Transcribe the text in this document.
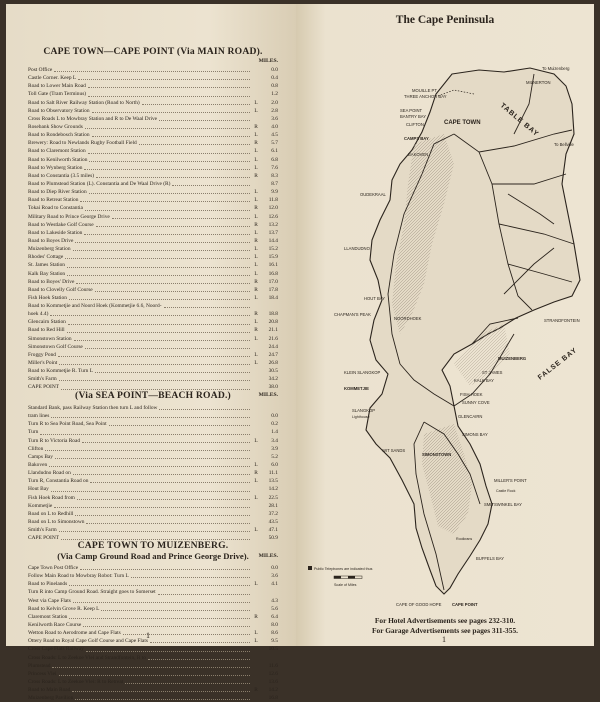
CAPE TOWN—CAPE POINT (Via MAIN ROAD).
MILES.
Post Office	0.0
Castle Corner. Keep L	0.4
Road to Lower Main Road	0.8
Toll Gate (Tram Terminus)	1.2
Road to Salt River Railway Station (Road to North)	L	2.0
Road to Observatory Station	L	2.8
Cross Roads L to Mowbray Station and R to De Waal Drive	3.6
Rosebank Show Grounds	R	4.0
Road to Rondebosch Station	L	4.5
Brewery: Road to Newlands Rugby Football Field	R	5.7
Road to Claremont Station	L	6.1
Road to Kenilworth Station	L	6.8
Road to Wynberg Station	L	7.6
Road to Constantia (3.5 miles)	R	8.3
Road to Plumstead Station (L). Constantia and De Waal Drive (R)	8.7
Road to Diep River Station	L	9.9
Road to Retreat Station	L	11.8
Tokai Road to Constantia	R	12.0
Military Road to Prince George Drive	L	12.6
Road to Westlake Golf Course	R	13.2
Road to Lakeside Station	L	13.7
Road to Boyes Drive	R	14.4
Muizenberg Station	L	15.2
Rhodes' Cottage	L	15.9
St. James Station	L	16.1
Kalk Bay Station	L	16.8
Road to Boyes' Drive	R	17.0
Road to Clovelly Golf Course	R	17.8
Fish Hoek Station	L	18.4
Road to Kommetjie and Noord Hoek (Kommetjie 6.6, Noord-
hoek 4.4)	R	18.8
Glencairn Station	L	20.8
Road to Red Hill	R	21.1
Simonstown Station	L	21.6
Simonstown Golf Course	24.4
Froggy Pond	L	24.7
Miller's Point	L	26.8
Road to Kommetjie R. Turn L	30.5
Smith's Farm	34.2
CAPE POINT	38.0
(Via SEA POINT—BEACH ROAD.)	MILES.
Standard Bank, pass Railway Station then turn L and follow
tram lines	0.0
Turn R to Sea Point Road, Sea Point	0.2
Turn	1.4
Turn R to Victoria Road	L	3.4
Clifton	3.9
Camps Bay	5.2
Bakoven	L	6.0
Llandudno Road on	R	11.1
Turn R, Constantia Road on	L	13.5
Hout Bay	14.2
Fish Hoek Road from	L	22.5
Kommetjie	28.1
Road on L to Redhill	37.2
Road on L to Simonstown	43.5
Smith's Farm	L	47.1
CAPE POINT	50.9
CAPE TOWN TO MUIZENBERG.
(Via Camp Ground Road and Prince George Drive).	MILES.
Cape Town Post Office	0.0
Follow Main Road to Mowbray Robot: Turn L	3.6
Road to Pinelands	L	4.1
Turn R into Camp Ground Road. Straight goes to Somerset
West via Cape Flats	4.3
Road to Kelvin Grove R. Keep L	5.6
Claremont Station	R	6.4
Kenilworth Race Course	8.0
Wetton Road to Aerodrome and Cape Flats	L	8.6
Ottery Road to Royal Cape Golf Course and Cape Flats	L	9.5
Cross Cape Flats Railway	10.5
Cross Roads: L to Zeekoe Vlei and Strandfontein, R to
Plumstead	11.6
Princess Vlei	12.6
Cross Roads: L to Zeekoe Vlei: R to Retreat	13.6
Road to Main Road	R	14.2
Muizenberg Pavilion	16.8
1
The Cape Peninsula
TABLE BAY
FALSE BAY
To Muizenberg
MILNERTON
To Bellville
MOUILLE PT
THREE ANCHOR BAY
SEA POINT
BANTRY BAY
CLIFTON	CAPE TOWN
CAMPS BAY
BAKOVEN
OUDEKRAAL
LLANDUDNO
HOUT BAY
CHAPMAN'S PEAK
NOORDHOEK
MUIZENBERG
ST JAMES
KALK BAY
STRANDFONTEIN
KLEIN SLANGKOP
KOMMETJIE
SLANGKOP
Lighthouse
FISH HOEK
SUNNY COVE
GLENCAIRN
WIT SANDS
SIMONSTOWN
SIMONS BAY
MILLER'S POINT
Castle Rock
SMITSWINKEL BAY
Rooikrans
BUFFELS BAY
CAPE OF GOOD HOPE	CAPE POINT
Public Telephones are indicated thus
Scale of Miles
For Hotel Advertisements see pages 232-310.
For Garage Advertisements see pages 311-355.
1
